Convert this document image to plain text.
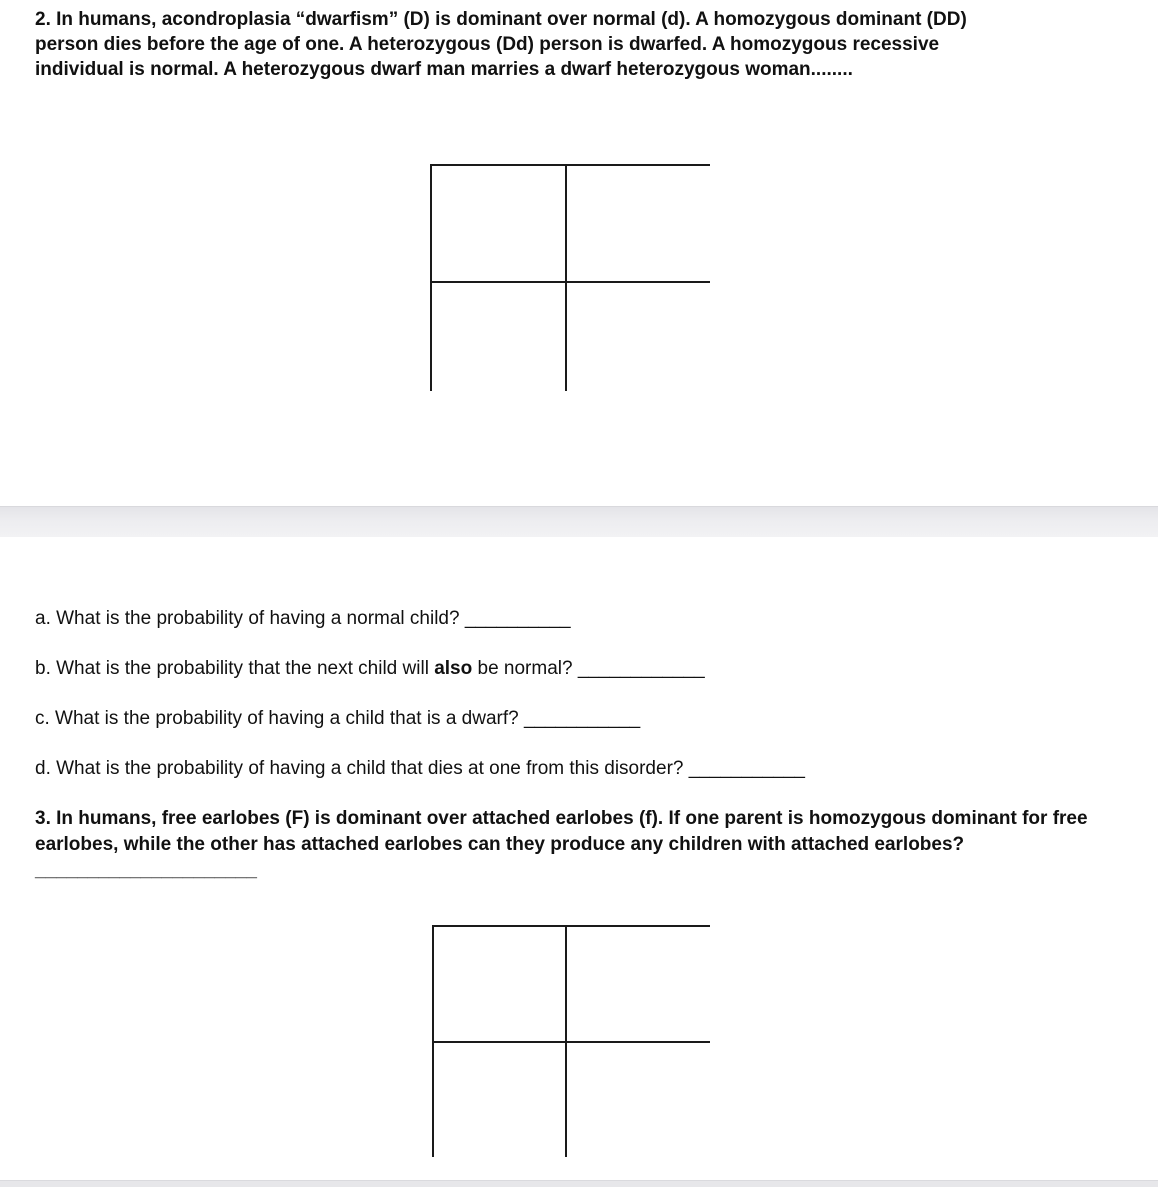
2. In humans, acondroplasia “dwarfism” (D) is dominant over normal (d). A homozygous dominant (DD) person dies before the age of one. A heterozygous (Dd) person is dwarfed. A homozygous recessive individual is normal. A heterozygous dwarf man marries a dwarf heterozygous woman........

a. What is the probability of having a normal child? __________

b. What is the probability that the next child will also be normal? ____________

c. What is the probability of having a child that is a dwarf? ___________

d. What is the probability of having a child that dies at one from this disorder? ___________

3. In humans, free earlobes (F) is dominant over attached earlobes (f). If one parent is homozygous dominant for free earlobes, while the other has attached earlobes can they produce any children with attached earlobes? _____________________
